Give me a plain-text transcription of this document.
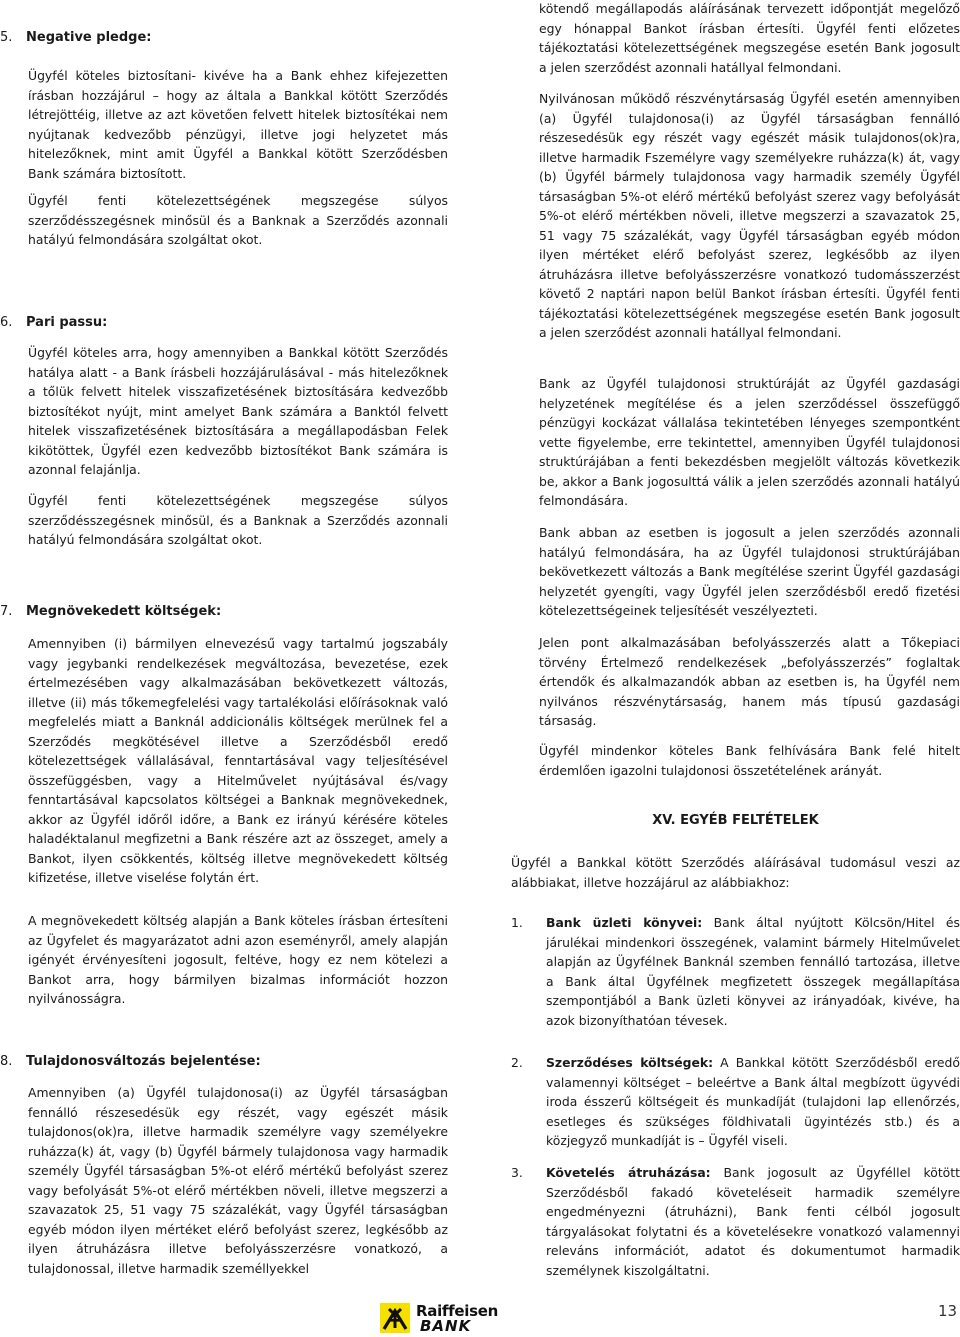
5. Negative pledge:

Ügyfél köteles biztosítani- kivéve ha a Bank ehhez kifejezetten írásban hozzájárul – hogy az általa a Bankkal kötött Szerződés létrejöttéig, illetve az azt követően felvett hitelek biztosítékai nem nyújtanak kedvezőbb pénzügyi, illetve jogi helyzetet más hitelezőknek, mint amit Ügyfél a Bankkal kötött Szerződésben Bank számára biztosított.

Ügyfél fenti kötelezettségének megszegése súlyos szerződésszegésnek minősül és a Banknak a Szerződés azonnali hatályú felmondására szolgáltat okot.

6. Pari passu:

Ügyfél köteles arra, hogy amennyiben a Bankkal kötött Szerződés hatálya alatt - a Bank írásbeli hozzájárulásával - más hitelezőknek a tőlük felvett hitelek visszafizetésének biztosítására kedvezőbb biztosítékot nyújt, mint amelyet Bank számára a Banktól felvett hitelek visszafizetésének biztosítására a megállapodásban Felek kikötöttek, Ügyfél ezen kedvezőbb biztosítékot Bank számára is azonnal felajánlja.

Ügyfél fenti kötelezettségének megszegése súlyos szerződésszegésnek minősül, és a Banknak a Szerződés azonnali hatályú felmondására szolgáltat okot.

7. Megnövekedett költségek:

Amennyiben (i) bármilyen elnevezésű vagy tartalmú jogszabály vagy jegybanki rendelkezések megváltozása, bevezetése, ezek értelmezésében vagy alkalmazásában bekövetkezett változás, illetve (ii) más tőkemegfelelési vagy tartalékolási előírásoknak való megfelelés miatt a Banknál addicionális költségek merülnek fel a Szerződés megkötésével illetve a Szerződésből eredő kötelezettségek vállalásával, fenntartásával vagy teljesítésével összefüggésben, vagy a Hitelművelet nyújtásával és/vagy fenntartásával kapcsolatos költségei a Banknak megnövekednek, akkor az Ügyfél időről időre, a Bank ez irányú kérésére köteles haladéktalanul megfizetni a Bank részére azt az összeget, amely a Bankot, ilyen csökkentés, költség illetve megnövekedett költség kifizetése, illetve viselése folytán ért.

A megnövekedett költség alapján a Bank köteles írásban értesíteni az Ügyfelet és magyarázatot adni azon eseményről, amely alapján igényét érvényesíteni jogosult, feltéve, hogy ez nem kötelezi a Bankot arra, hogy bármilyen bizalmas információt hozzon nyilvánosságra.

8. Tulajdonosváltozás bejelentése:

Amennyiben (a) Ügyfél tulajdonosa(i) az Ügyfél társaságban fennálló részesedésük egy részét, vagy egészét másik tulajdonos(ok)ra, illetve harmadik személyre vagy személyekre ruházza(k) át, vagy (b) Ügyfél bármely tulajdonosa vagy harmadik személy Ügyfél társaságban 5%-ot elérő mértékű befolyást szerez vagy befolyását 5%-ot elérő mértékben növeli, illetve megszerzi a szavazatok 25, 51 vagy 75 százalékát, vagy Ügyfél társaságban egyéb módon ilyen mértéket elérő befolyást szerez, legkésőbb az ilyen átruházásra illetve befolyásszerzésre vonatkozó, a tulajdonossal, illetve harmadik személlyekkel

kötendő megállapodás aláírásának tervezett időpontját megelőző egy hónappal Bankot írásban értesíti. Ügyfél fenti előzetes tájékoztatási kötelezettségének megszegése esetén Bank jogosult a jelen szerződést azonnali hatállyal felmondani.

Nyilvánosan működő részvénytársaság Ügyfél esetén amennyiben (a) Ügyfél tulajdonosa(i) az Ügyfél társaságban fennálló részesedésük egy részét vagy egészét másik tulajdonos(ok)ra, illetve harmadik Fszemélyre vagy személyekre ruházza(k) át, vagy (b) Ügyfél bármely tulajdonosa vagy harmadik személy Ügyfél társaságban 5%-ot elérő mértékű befolyást szerez vagy befolyását 5%-ot elérő mértékben növeli, illetve megszerzi a szavazatok 25, 51 vagy 75 százalékát, vagy Ügyfél társaságban egyéb módon ilyen mértéket elérő befolyást szerez, legkésőbb az ilyen átruházásra illetve befolyásszerzésre vonatkozó tudomásszerzést követő 2 naptári napon belül Bankot írásban értesíti. Ügyfél fenti tájékoztatási kötelezettségének megszegése esetén Bank jogosult a jelen szerződést azonnali hatállyal felmondani.

Bank az Ügyfél tulajdonosi struktúráját az Ügyfél gazdasági helyzetének megítélése és a jelen szerződéssel összefüggő pénzügyi kockázat vállalása tekintetében lényeges szempontként vette figyelembe, erre tekintettel, amennyiben Ügyfél tulajdonosi struktúrájában a fenti bekezdésben megjelölt változás következik be, akkor a Bank jogosulttá válik a jelen szerződés azonnali hatályú felmondására.

Bank abban az esetben is jogosult a jelen szerződés azonnali hatályú felmondására, ha az Ügyfél tulajdonosi struktúrájában bekövetkezett változás a Bank megítélése szerint Ügyfél gazdasági helyzetét gyengíti, vagy Ügyfél jelen szerződésből eredő fizetési kötelezettségeinek teljesítését veszélyezteti.

Jelen pont alkalmazásában befolyásszerzés alatt a Tőkepiaci törvény Értelmező rendelkezések „befolyásszerzés” foglaltak értendők és alkalmazandók abban az esetben is, ha Ügyfél nem nyilvános részvénytársaság, hanem más típusú gazdasági társaság.

Ügyfél mindenkor köteles Bank felhívására Bank felé hitelt érdemlően igazolni tulajdonosi összetételének arányát.

XV. EGYÉB FELTÉTELEK

Ügyfél a Bankkal kötött Szerződés aláírásával tudomásul veszi az alábbiakat, illetve hozzájárul az alábbiakhoz:

1.	Bank üzleti könyvei: Bank által nyújtott Kölcsön/Hitel és járulékai mindenkori összegének, valamint bármely Hitelművelet alapján az Ügyfélnek Banknál szemben fennálló tartozása, illetve a Bank által Ügyfélnek megfizetett összegek megállapítása szempontjából a Bank üzleti könyvei az irányadóak, kivéve, ha azok bizonyíthatóan tévesek.

2.	Szerződéses költségek: A Bankkal kötött Szerződésből eredő valamennyi költséget – beleértve a Bank által megbízott ügyvédi iroda ésszerű költségeit és munkadíját (tulajdoni lap ellenőrzés, esetleges és szükséges földhivatali ügyintézés stb.) és a közjegyző munkadíját is – Ügyfél viseli.

3.	Követelés átruházása: Bank jogosult az Ügyféllel kötött Szerződésből fakadó követeléseit harmadik személyre engedményezni (átruházni), Bank fenti célból jogosult tárgyalásokat folytatni és a követelésekre vonatkozó valamennyi releváns információt, adatot és dokumentumot harmadik személynek kiszolgáltatni.

Raiffeisen
BANK
13
